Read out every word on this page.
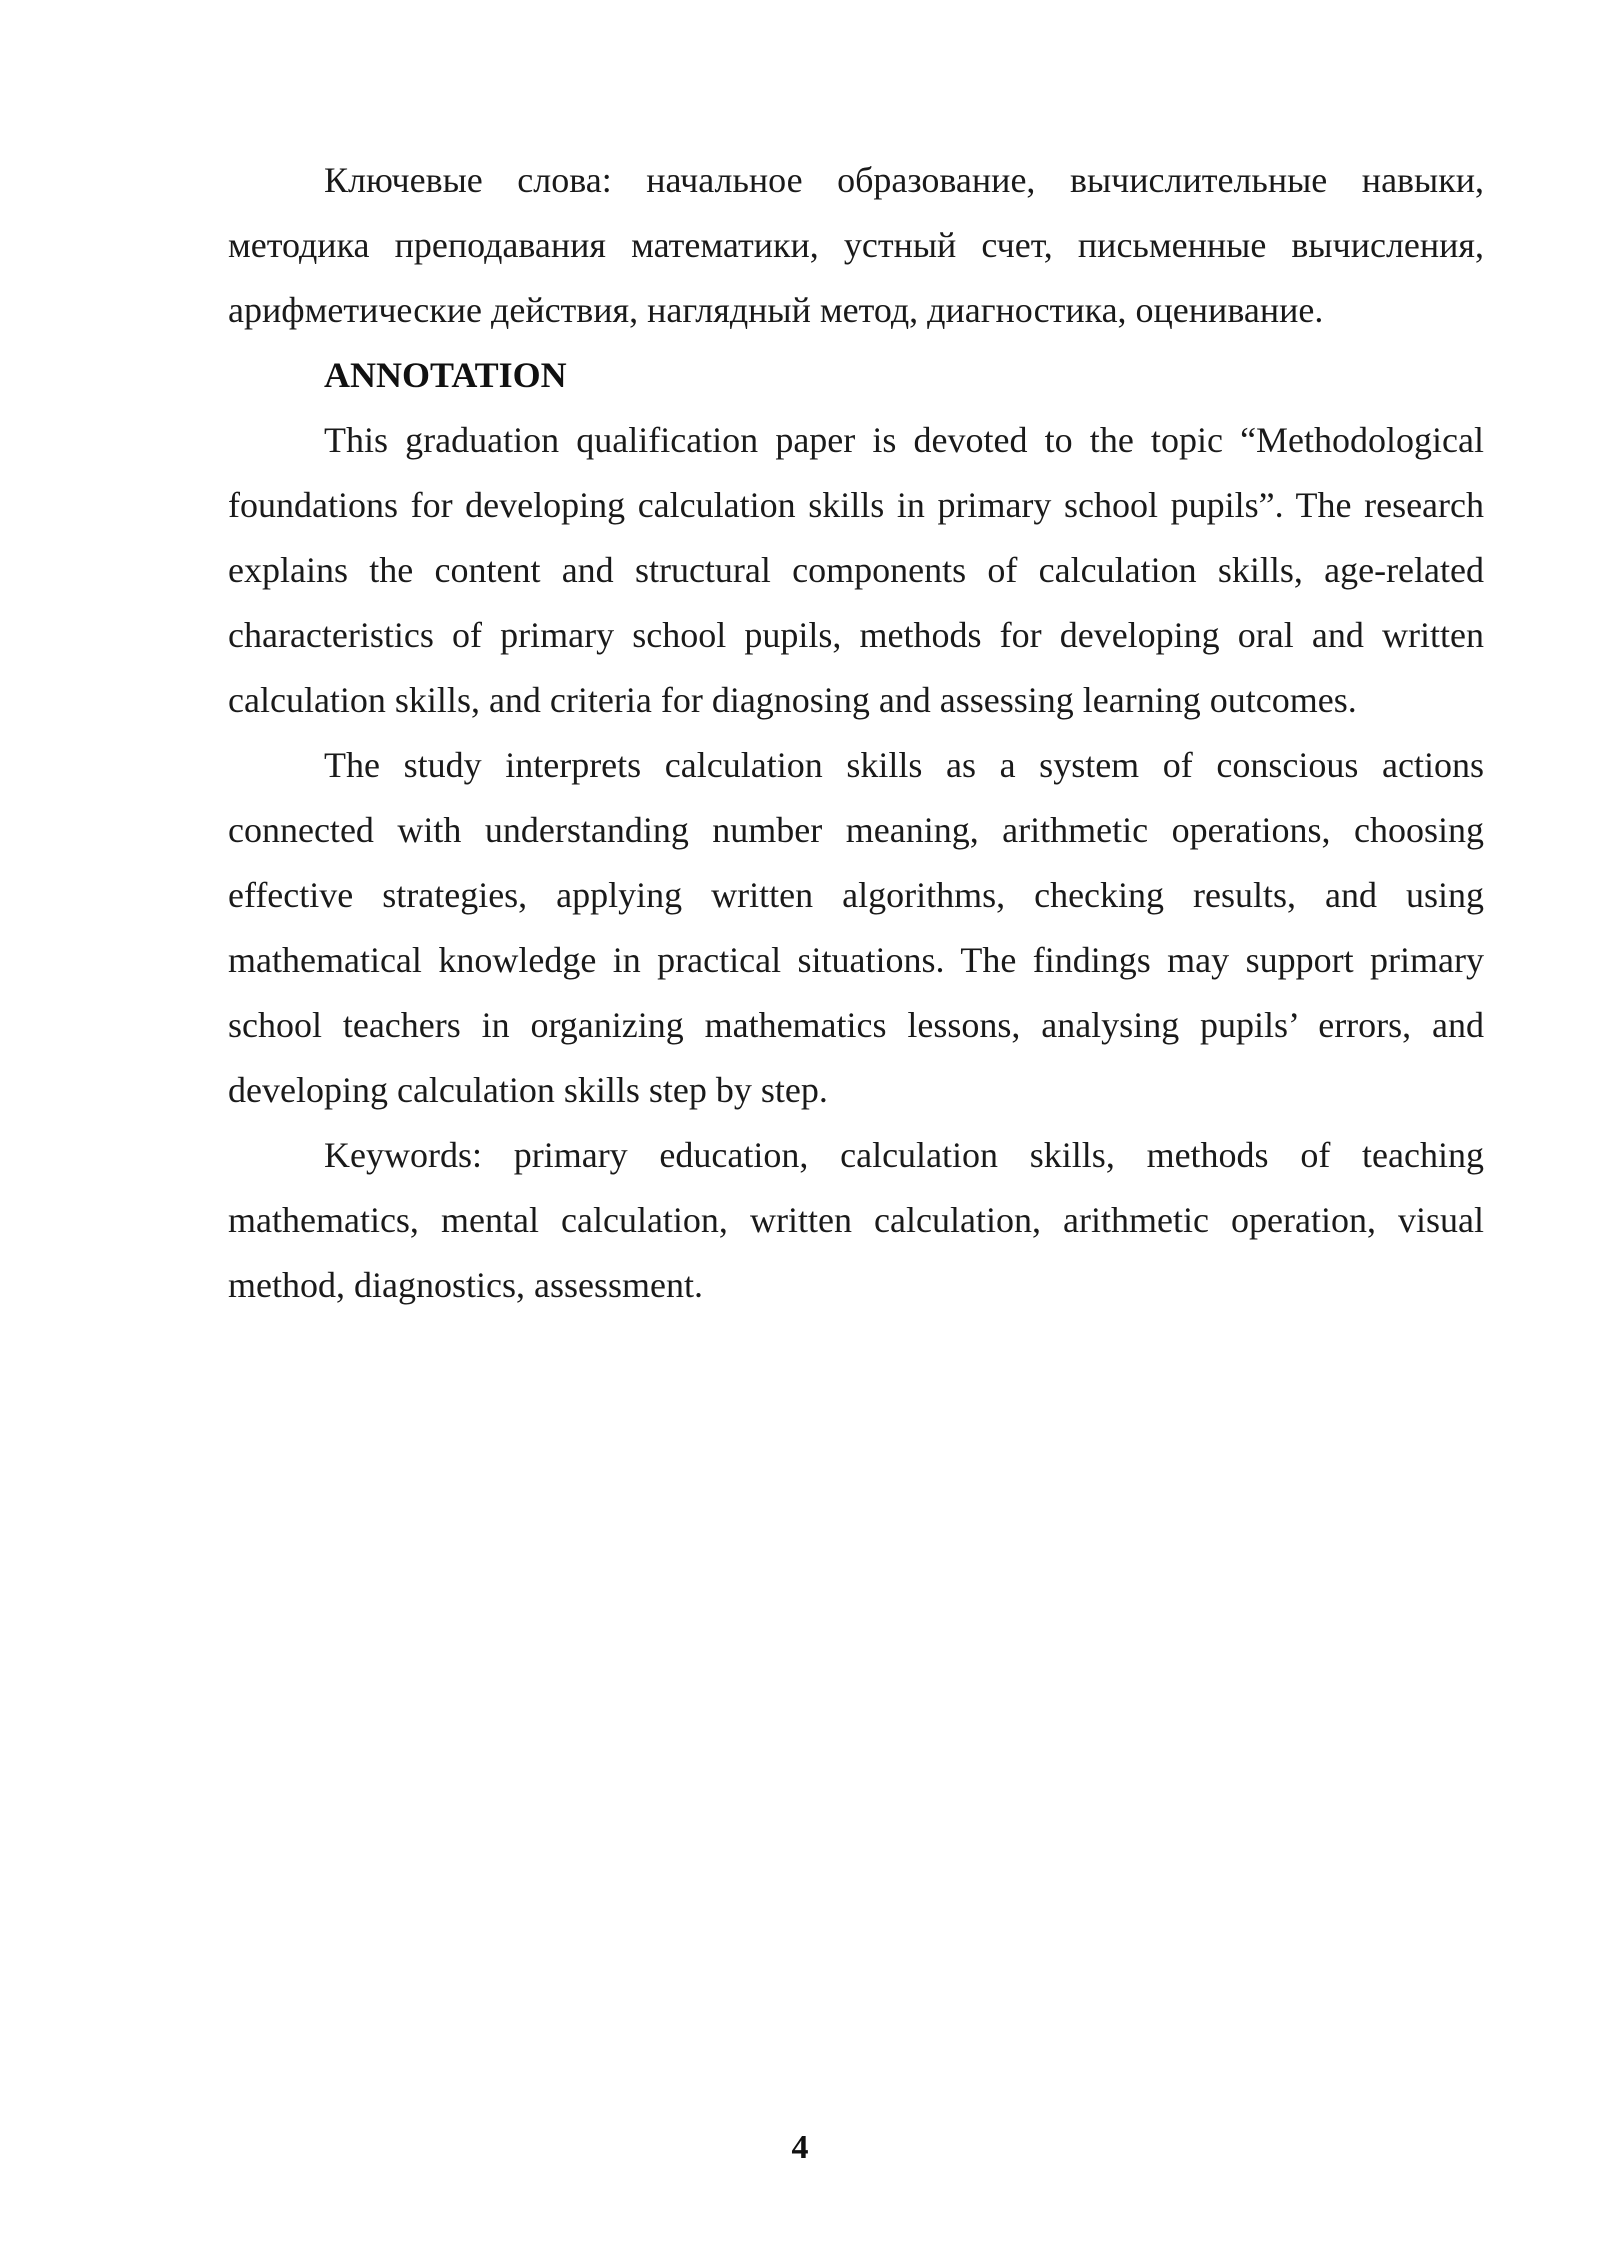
Ключевые слова: начальное образование, вычислительные навыки, методика преподавания математики, устный счет, письменные вычисления, арифметические действия, наглядный метод, диагностика, оценивание.

ANNOTATION

This graduation qualification paper is devoted to the topic “Methodological foundations for developing calculation skills in primary school pupils”. The research explains the content and structural components of calculation skills, age-related characteristics of primary school pupils, methods for developing oral and written calculation skills, and criteria for diagnosing and assessing learning outcomes.

The study interprets calculation skills as a system of conscious actions connected with understanding number meaning, arithmetic operations, choosing effective strategies, applying written algorithms, checking results, and using mathematical knowledge in practical situations. The findings may support primary school teachers in organizing mathematics lessons, analysing pupils’ errors, and developing calculation skills step by step.

Keywords: primary education, calculation skills, methods of teaching mathematics, mental calculation, written calculation, arithmetic operation, visual method, diagnostics, assessment.

4
